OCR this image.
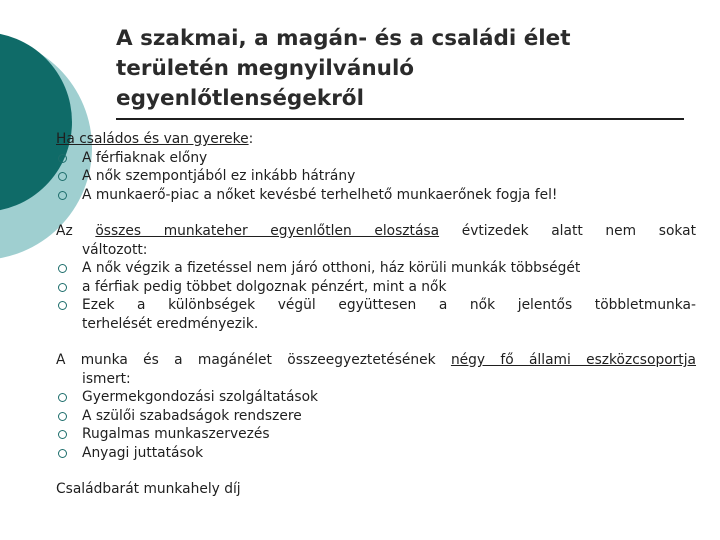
A szakmai, a magán- és a családi élet
területén megnyilvánuló
egyenlőtlenségekről

Ha családos és van gyereke:

A férfiaknak előny
A nők szempontjából ez inkább hátrány
A munkaerő-piac a nőket kevésbé terhelhető munkaerőnek fogja fel!

Az összes munkateher egyenlőtlen elosztása évtizedek alatt nem sokat

változott:

A nők végzik a fizetéssel nem járó otthoni, ház körüli munkák többségét
a férfiak pedig többet dolgoznak pénzért, mint a nők
Ezek a különbségek végül együttesen a nők jelentős többletmunka-

terhelését eredményezik.

A munka és a magánélet összeegyeztetésének négy fő állami eszközcsoportja

ismert:

Gyermekgondozási szolgáltatások
A szülői szabadságok rendszere
Rugalmas munkaszervezés
Anyagi juttatások

Családbarát munkahely díj
